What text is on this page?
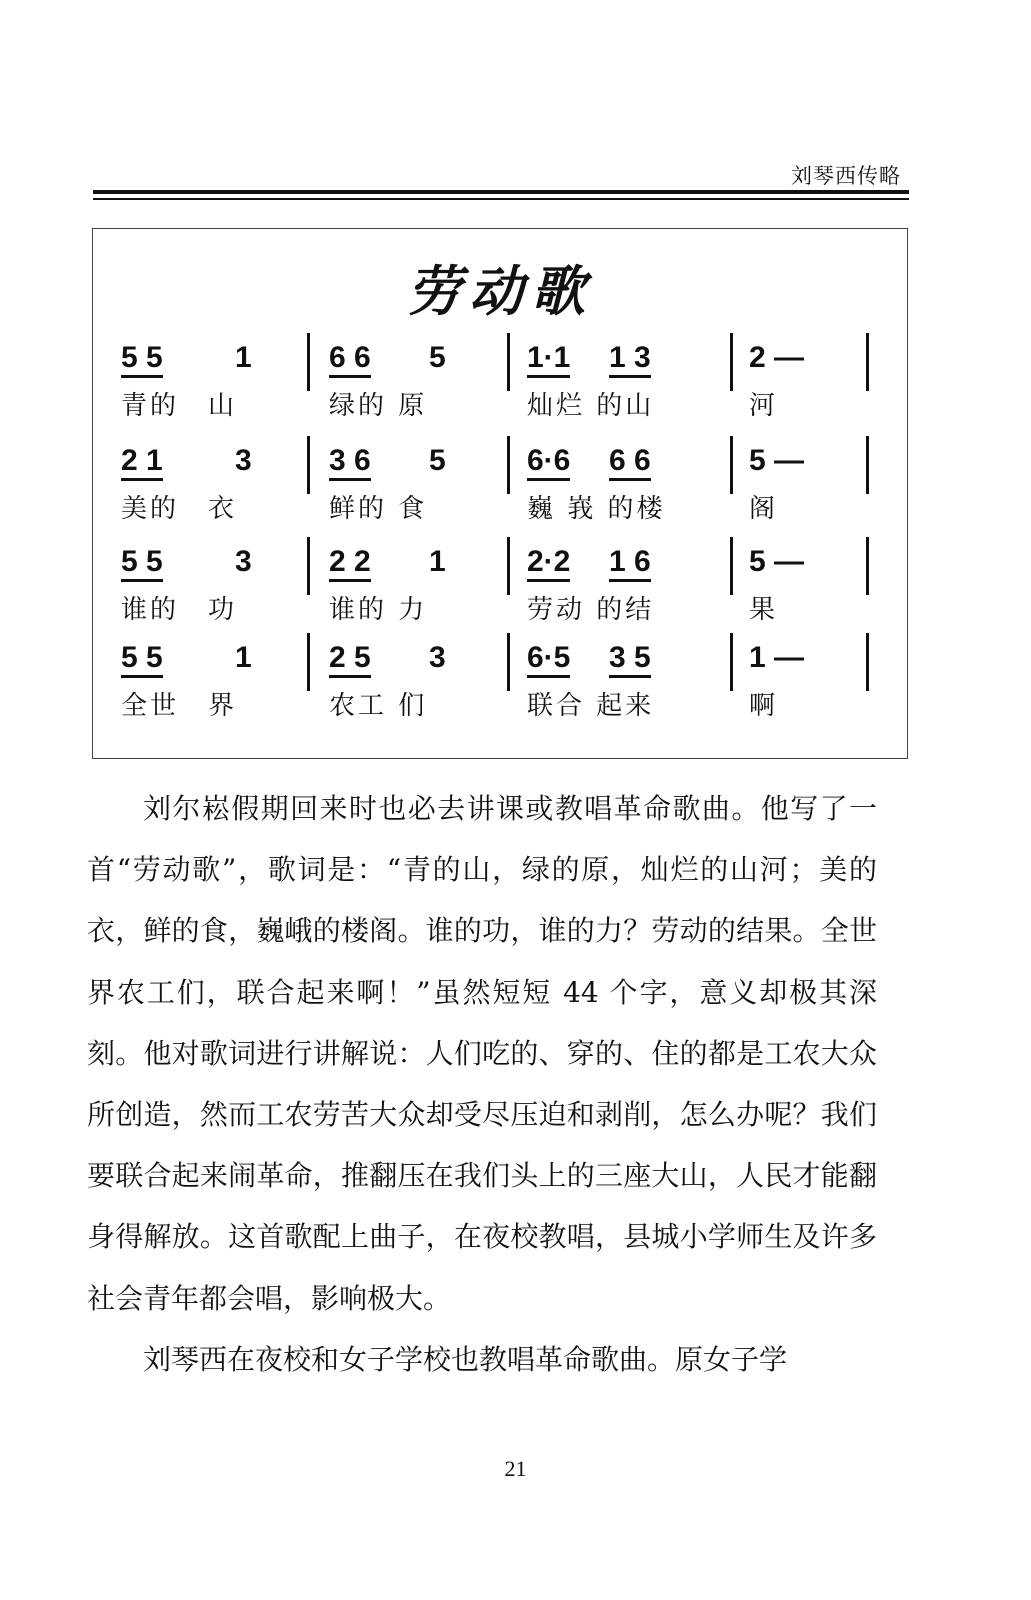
刘琴西传略
劳动歌
5 5 1
青的　山
6 6 5
绿的 原
1·1 1 3
灿烂 的山
2 —
河
2 1 3
美的　衣
3 6 5
鲜的 食
6·6 6 6
巍 峩 的楼
5 —
阁
5 5 3
谁的　功
2 2 1
谁的 力
2·2 1 6
劳动 的结
5 —
果
5 5 1
全世　界
2 5 3
农工 们
6·5 3 5
联合 起来
1 —
啊

刘尔崧假期回来时也必去讲课或教唱革命歌曲。他写了一首“劳动歌”，歌词是：“青的山，绿的原，灿烂的山河；美的衣，鲜的食，巍峨的楼阁。谁的功，谁的力？劳动的结果。全世界农工们，联合起来啊！”虽然短短 44 个字，意义却极其深刻。他对歌词进行讲解说：人们吃的、穿的、住的都是工农大众所创造，然而工农劳苦大众却受尽压迫和剥削，怎么办呢？我们要联合起来闹革命，推翻压在我们头上的三座大山，人民才能翻身得解放。这首歌配上曲子，在夜校教唱，县城小学师生及许多社会青年都会唱，影响极大。

刘琴西在夜校和女子学校也教唱革命歌曲。原女子学

21
